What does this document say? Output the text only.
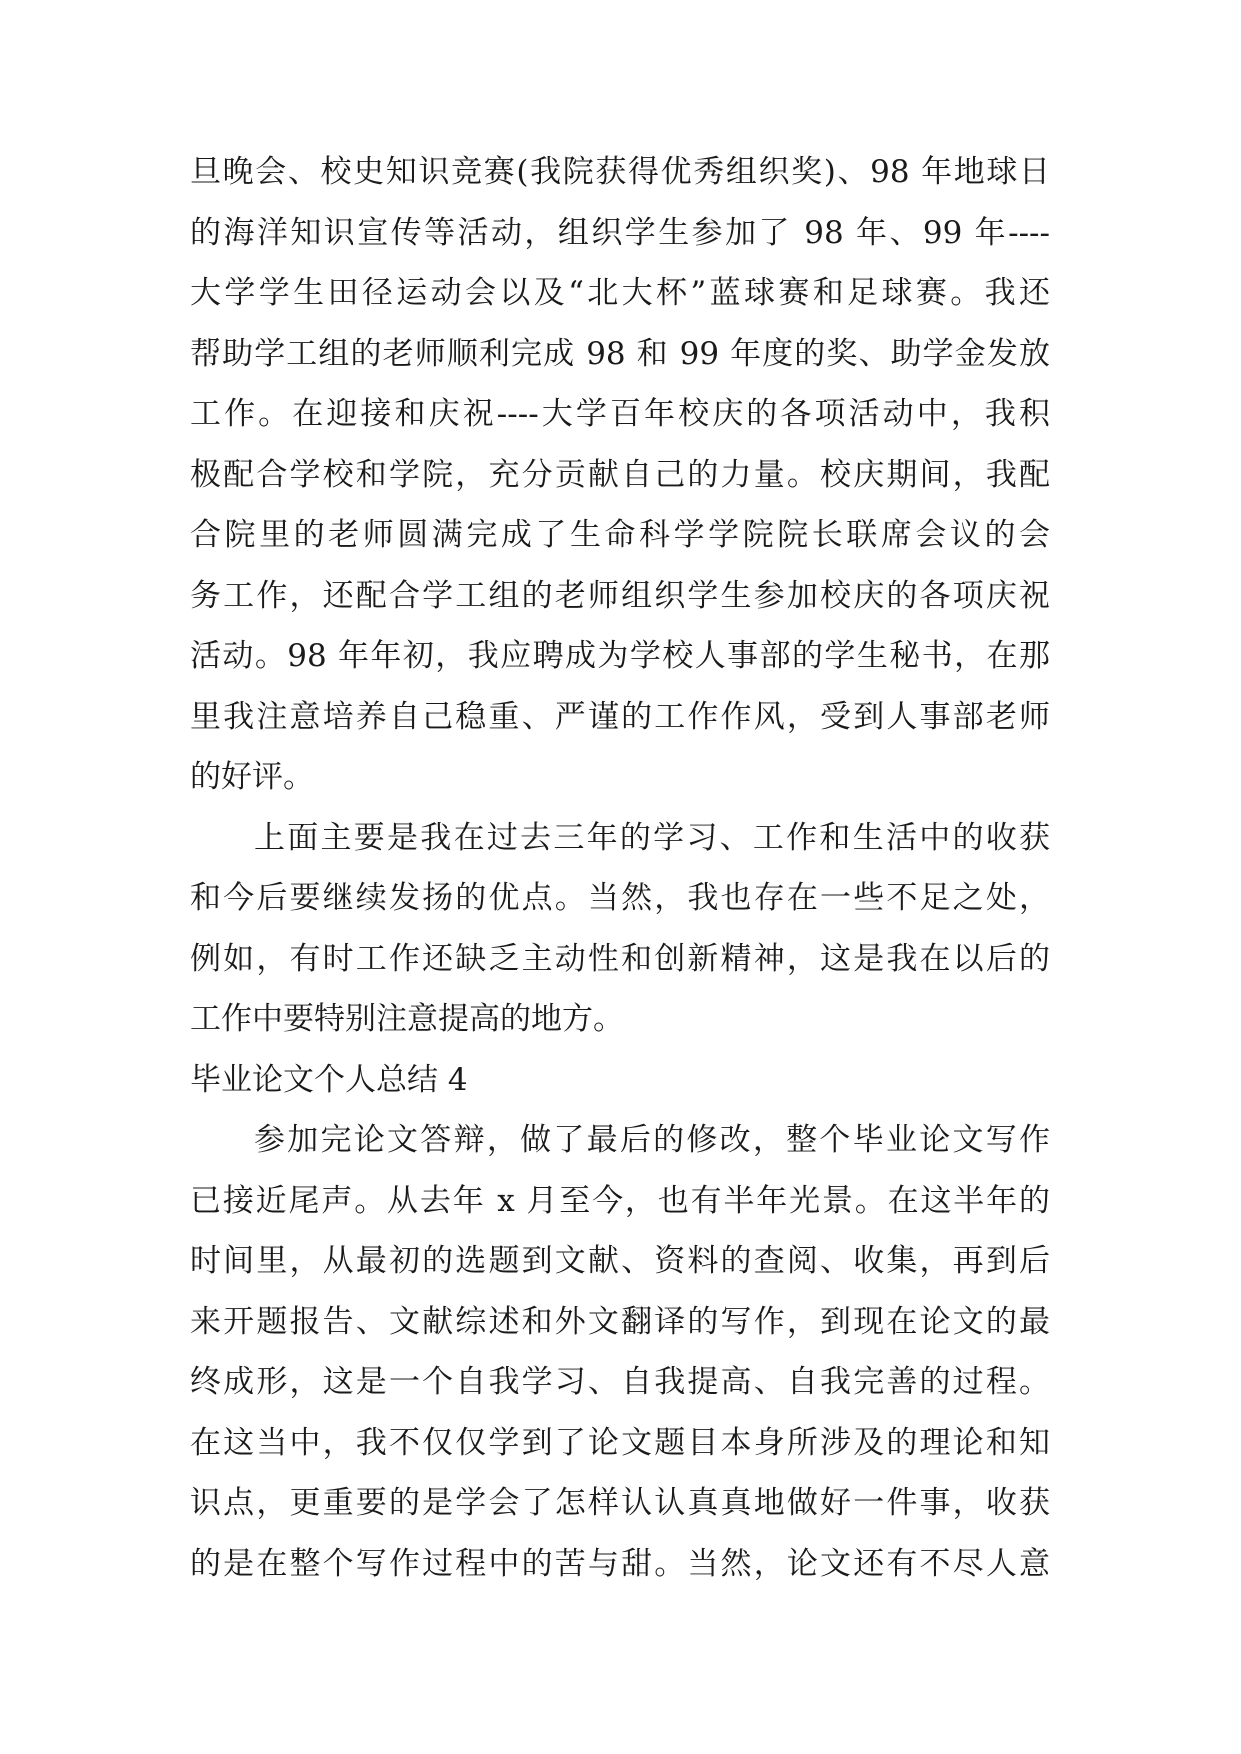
旦晚会、校史知识竞赛(我院获得优秀组织奖)、98 年地球日
的海洋知识宣传等活动，组织学生参加了 98 年、99 年----
大学学生田径运动会以及“北大杯”蓝球赛和足球赛。我还
帮助学工组的老师顺利完成 98 和 99 年度的奖、助学金发放
工作。在迎接和庆祝----大学百年校庆的各项活动中，我积
极配合学校和学院，充分贡献自己的力量。校庆期间，我配
合院里的老师圆满完成了生命科学学院院长联席会议的会
务工作，还配合学工组的老师组织学生参加校庆的各项庆祝
活动。98 年年初，我应聘成为学校人事部的学生秘书，在那
里我注意培养自己稳重、严谨的工作作风，受到人事部老师
的好评。
上面主要是我在过去三年的学习、工作和生活中的收获
和今后要继续发扬的优点。当然，我也存在一些不足之处，
例如，有时工作还缺乏主动性和创新精神，这是我在以后的
工作中要特别注意提高的地方。
毕业论文个人总结 4
参加完论文答辩，做了最后的修改，整个毕业论文写作
已接近尾声。从去年 x 月至今，也有半年光景。在这半年的
时间里，从最初的选题到文献、资料的查阅、收集，再到后
来开题报告、文献综述和外文翻译的写作，到现在论文的最
终成形，这是一个自我学习、自我提高、自我完善的过程。
在这当中，我不仅仅学到了论文题目本身所涉及的理论和知
识点，更重要的是学会了怎样认认真真地做好一件事，收获
的是在整个写作过程中的苦与甜。当然，论文还有不尽人意
